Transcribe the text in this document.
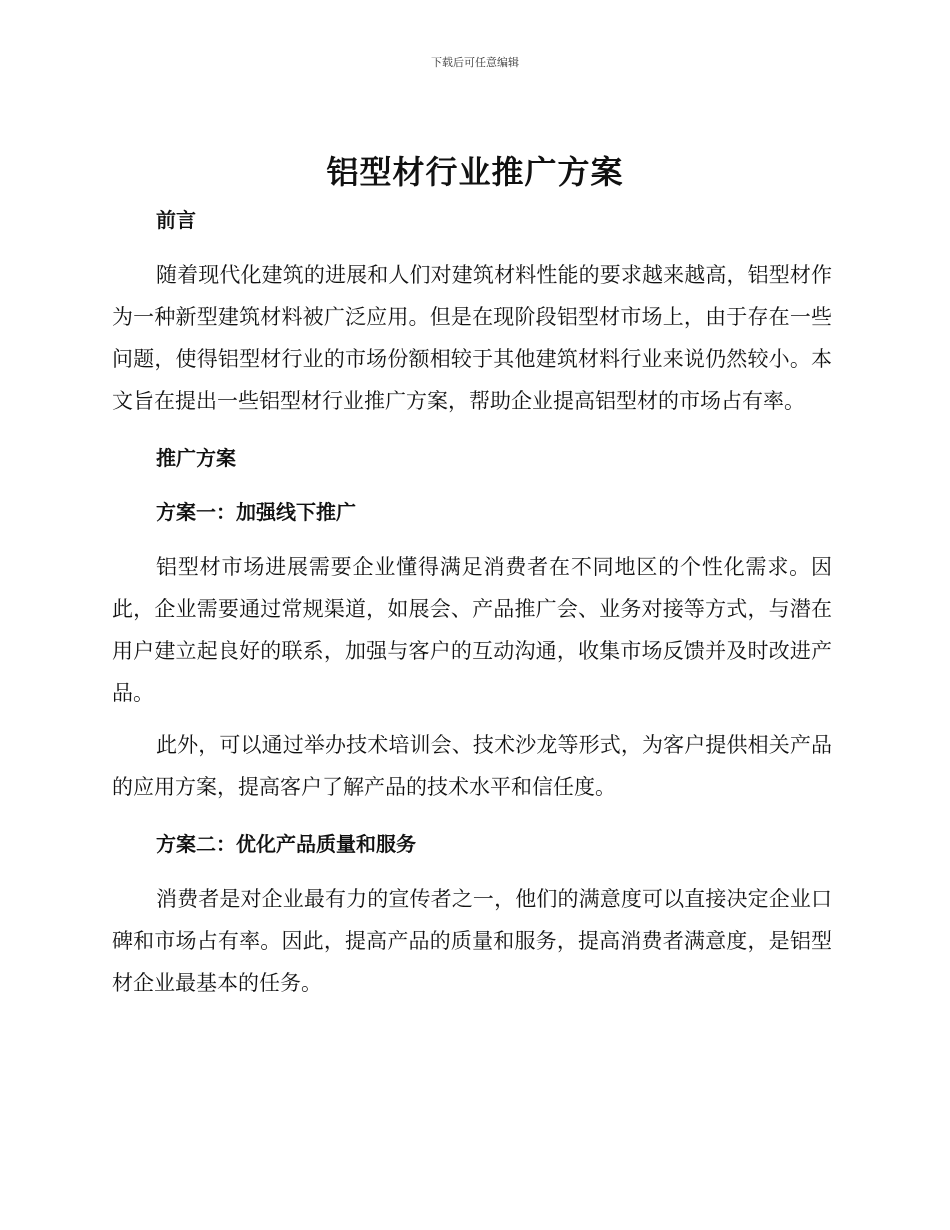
下载后可任意编辑
铝型材行业推广方案

前言

随着现代化建筑的进展和人们对建筑材料性能的要求越来越高，铝型材作为一种新型建筑材料被广泛应用。但是在现阶段铝型材市场上，由于存在一些问题，使得铝型材行业的市场份额相较于其他建筑材料行业来说仍然较小。本文旨在提出一些铝型材行业推广方案，帮助企业提高铝型材的市场占有率。

推广方案

方案一：加强线下推广

铝型材市场进展需要企业懂得满足消费者在不同地区的个性化需求。因此，企业需要通过常规渠道，如展会、产品推广会、业务对接等方式，与潜在用户建立起良好的联系，加强与客户的互动沟通，收集市场反馈并及时改进产品。

此外，可以通过举办技术培训会、技术沙龙等形式，为客户提供相关产品的应用方案，提高客户了解产品的技术水平和信任度。

方案二：优化产品质量和服务

消费者是对企业最有力的宣传者之一，他们的满意度可以直接决定企业口碑和市场占有率。因此，提高产品的质量和服务，提高消费者满意度，是铝型材企业最基本的任务。
